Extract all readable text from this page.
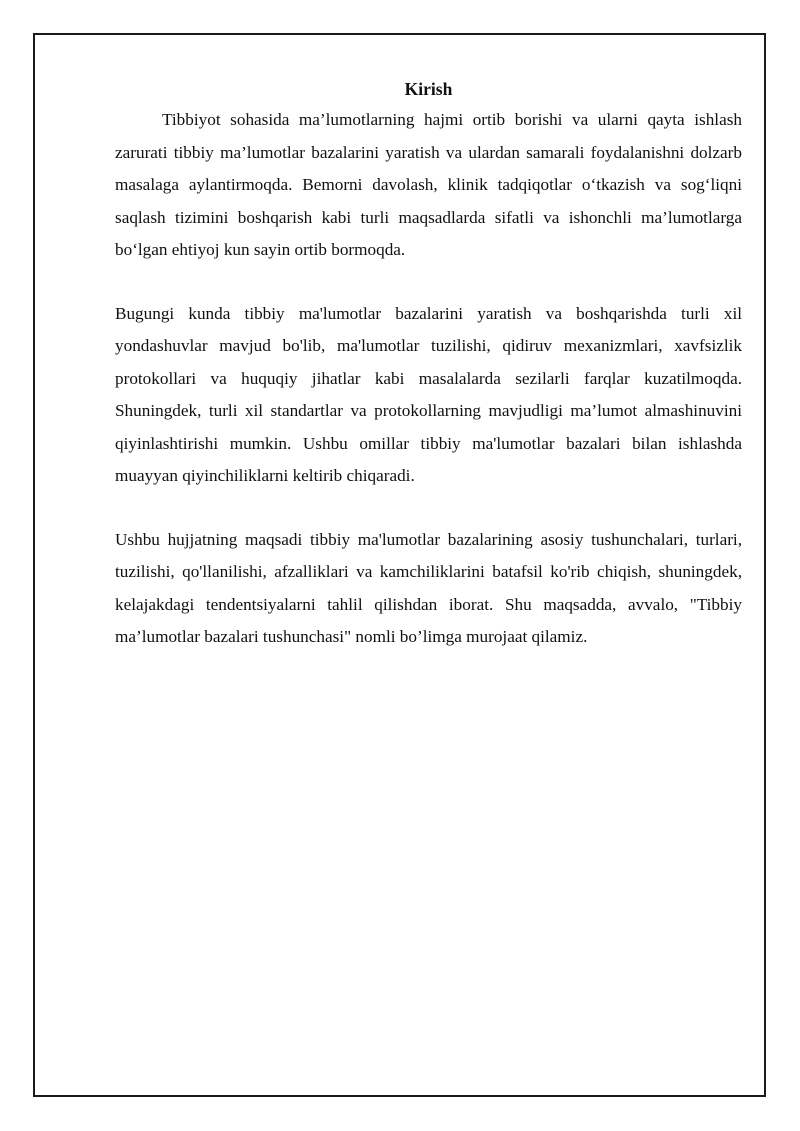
Kirish

Tibbiyot sohasida ma’lumotlarning hajmi ortib borishi va ularni qayta ishlash zarurati tibbiy ma’lumotlar bazalarini yaratish va ulardan samarali foydalanishni dolzarb masalaga aylantirmoqda. Bemorni davolash, klinik tadqiqotlar o‘tkazish va sog‘liqni saqlash tizimini boshqarish kabi turli maqsadlarda sifatli va ishonchli ma’lumotlarga bo‘lgan ehtiyoj kun sayin ortib bormoqda.

Bugungi kunda tibbiy ma'lumotlar bazalarini yaratish va boshqarishda turli xil yondashuvlar mavjud bo'lib, ma'lumotlar tuzilishi, qidiruv mexanizmlari, xavfsizlik protokollari va huquqiy jihatlar kabi masalalarda sezilarli farqlar kuzatilmoqda. Shuningdek, turli xil standartlar va protokollarning mavjudligi ma’lumot almashinuvini qiyinlashtirishi mumkin. Ushbu omillar tibbiy ma'lumotlar bazalari bilan ishlashda muayyan qiyinchiliklarni keltirib chiqaradi.

Ushbu hujjatning maqsadi tibbiy ma'lumotlar bazalarining asosiy tushunchalari, turlari, tuzilishi, qo'llanilishi, afzalliklari va kamchiliklarini batafsil ko'rib chiqish, shuningdek, kelajakdagi tendentsiyalarni tahlil qilishdan iborat. Shu maqsadda, avvalo, "Tibbiy ma’lumotlar bazalari tushunchasi" nomli bo’limga murojaat qilamiz.
